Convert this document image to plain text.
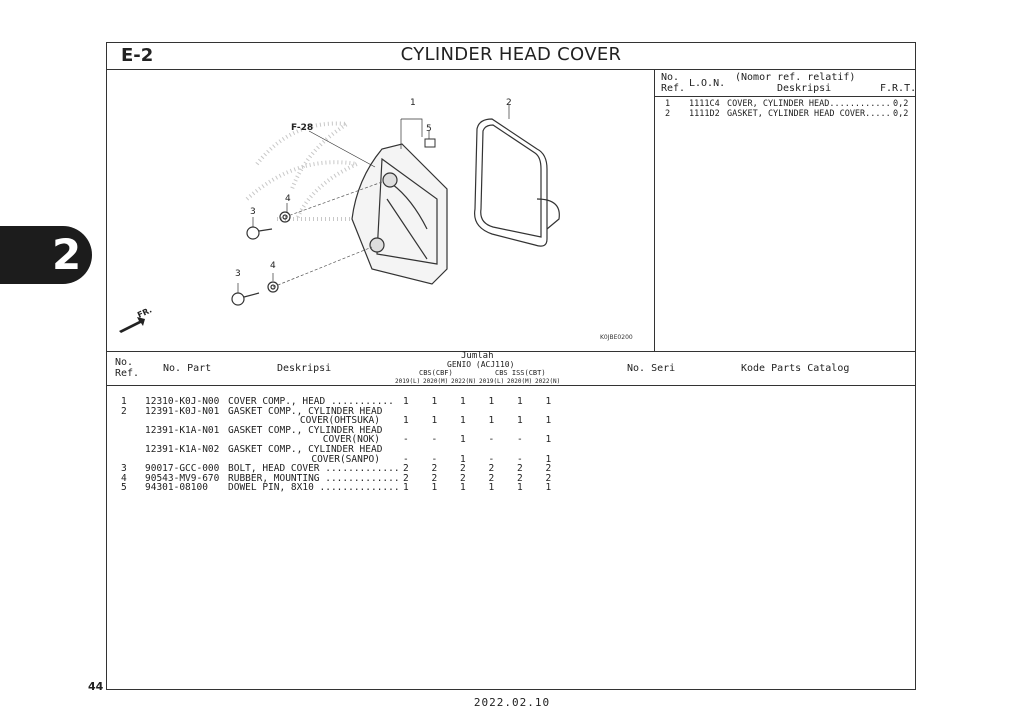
2
44
2022.02.10
E-2	CYLINDER HEAD COVER
1	2
5
4
3
3
4
F-28
FR.
K0JBE0200
No.
Ref. L.O.N.
(Nomor ref. relatif)
Deskripsi	F.R.T.
1 1111C4 COVER, CYLINDER HEAD............ 0,2
2 1111D2 GASKET, CYLINDER HEAD COVER..... 0,2
No.
Ref. No. Part	Deskripsi
Jumlah
GENIO (ACJ110)
CBS(CBF)	CBS ISS(CBT)
2019(L) 2020(M) 2022(N) 2019(L) 2020(M) 2022(N)
No. Seri	Kode Parts Catalog
1 12310-K0J-N00 COVER COMP., HEAD ........... 1 1 1 1 1 1
2 12391-K0J-N01 GASKET COMP., CYLINDER HEAD
COVER(OHTSUKA) 1 1 1 1 1 1
12391-K1A-N01 GASKET COMP., CYLINDER HEAD
COVER(NOK) - - 1 - - 1
12391-K1A-N02 GASKET COMP., CYLINDER HEAD
COVER(SANPO) - - 1 - - 1
3 90017-GCC-000 BOLT, HEAD COVER ............. 2 2 2 2 2 2
4 90543-MV9-670 RUBBER, MOUNTING ............. 2 2 2 2 2 2
5 94301-08100 DOWEL PIN, 8X10 .............. 1 1 1 1 1 1
